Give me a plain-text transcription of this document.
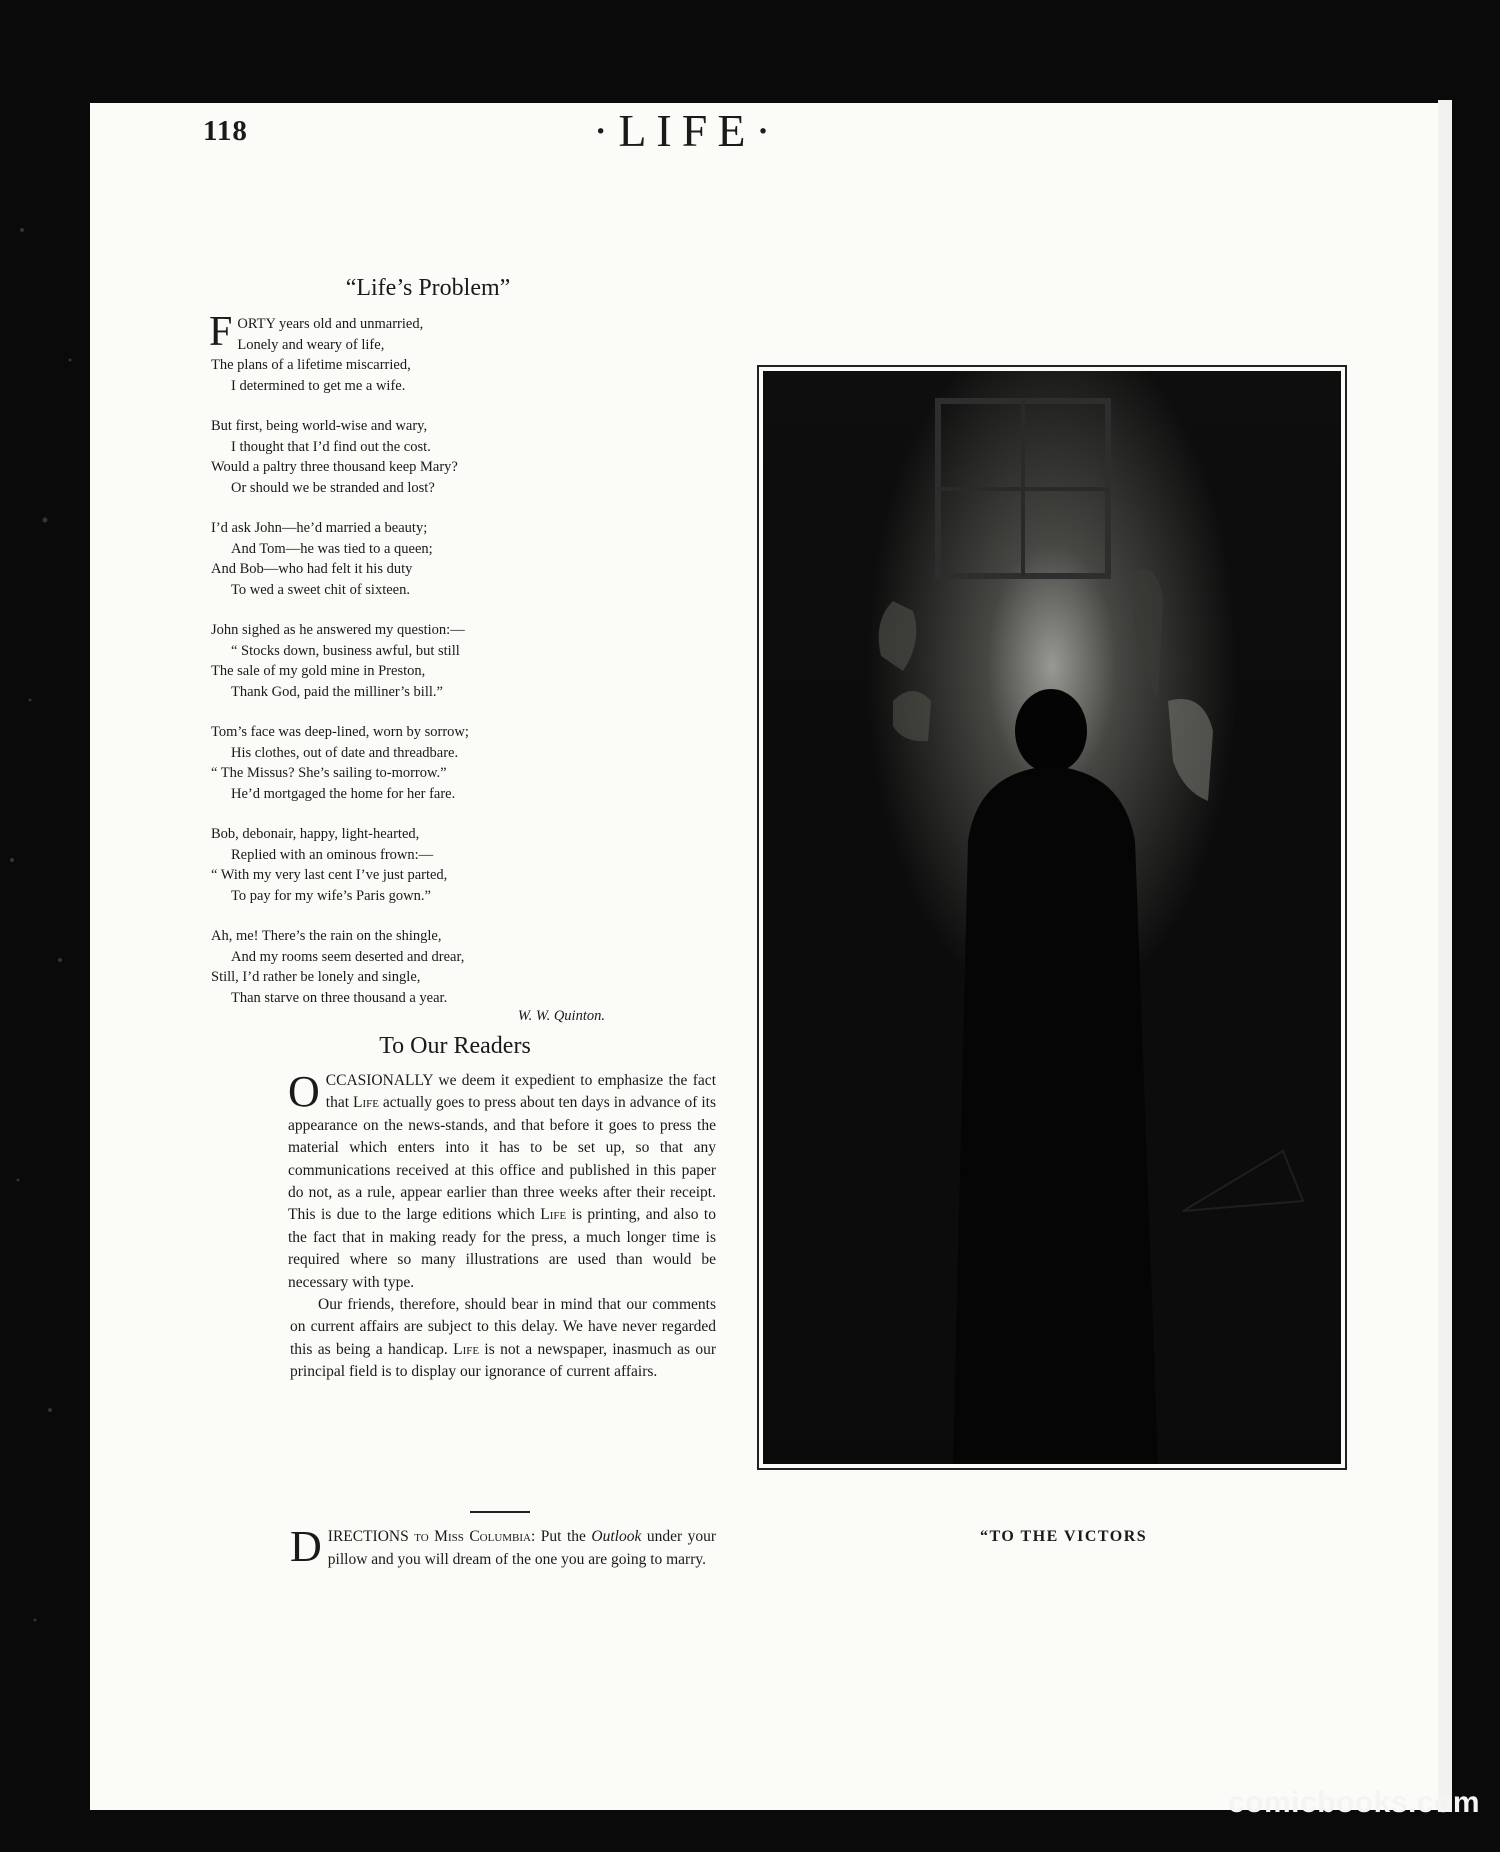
118	·LIFE·
“Life’s Problem”
F ORTY years old and unmarried,
Lonely and weary of life,
The plans of a lifetime miscarried,
I determined to get me a wife.
But first, being world-wise and wary,
I thought that I’d find out the cost.
Would a paltry three thousand keep Mary?
Or should we be stranded and lost?
I’d ask John—he’d married a beauty;
And Tom—he was tied to a queen;
And Bob—who had felt it his duty
To wed a sweet chit of sixteen.
John sighed as he answered my question:—
“ Stocks down, business awful, but still
The sale of my gold mine in Preston,
Thank God, paid the milliner’s bill.”
Tom’s face was deep-lined, worn by sorrow;
His clothes, out of date and threadbare.
“ The Missus? She’s sailing to-morrow.”
He’d mortgaged the home for her fare.
Bob, debonair, happy, light-hearted,
Replied with an ominous frown:—
“ With my very last cent I’ve just parted,
To pay for my wife’s Paris gown.”
Ah, me! There’s the rain on the shingle,
And my rooms seem deserted and drear,
Still, I’d rather be lonely and single,
Than starve on three thousand a year.
W. W. Quinton.
To Our Readers

OCCASIONALLY we deem it expedient to emphasize the fact that Life actually goes to press about ten days in advance of its appearance on the news-stands, and that before it goes to press the material which enters into it has to be set up, so that any communications received at this office and published in this paper do not, as a rule, appear earlier than three weeks after their receipt. This is due to the large editions which Life is printing, and also to the fact that in making ready for the press, a much longer time is required where so many illustrations are used than would be necessary with type.

Our friends, therefore, should bear in mind that our comments on current affairs are subject to this delay. We have never regarded this as being a handicap. Life is not a newspaper, inasmuch as our principal field is to display our ignorance of current affairs.

DIRECTIONS to Miss Columbia: Put the Outlook under your pillow and you will dream of the one you are going to marry.
“TO THE VICTORS
comicbooks.com
